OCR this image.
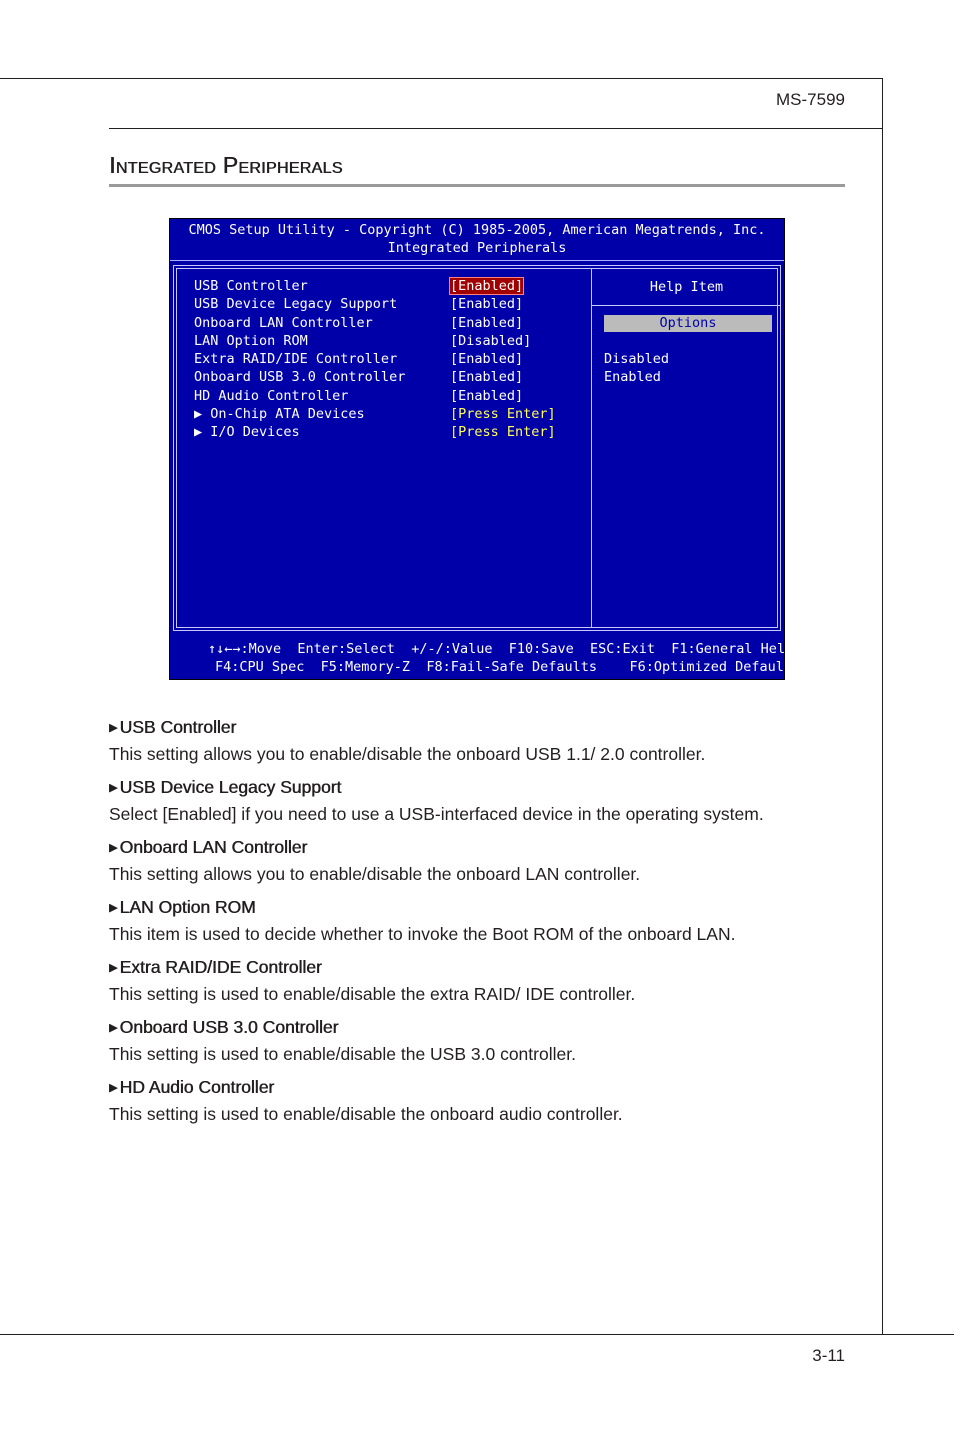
MS-7599
Integrated Peripherals
CMOS Setup Utility - Copyright (C) 1985-2005, American Megatrends, Inc.
Integrated Peripherals
USB Controller	[Enabled]
USB Device Legacy Support	[Enabled]
Onboard LAN Controller	[Enabled]
LAN Option ROM	[Disabled]
Extra RAID/IDE Controller	[Enabled]
Onboard USB 3.0 Controller	[Enabled]
HD Audio Controller	[Enabled]
▶ On-Chip ATA Devices	[Press Enter]
▶ I/O Devices	[Press Enter]
Help Item
Options
Disabled
Enabled
↑↓←→:Move  Enter:Select  +/-/:Value  F10:Save  ESC:Exit  F1:General Help
F4:CPU Spec  F5:Memory-Z  F8:Fail-Safe Defaults    F6:Optimized Defaults
▶ USB Controller
This setting allows you to enable/disable the onboard USB 1.1/ 2.0 controller.
▶ USB Device Legacy Support
Select [Enabled] if you need to use a USB-interfaced device in the operating system.
▶ Onboard LAN Controller
This setting allows you to enable/disable the onboard LAN controller.
▶ LAN Option ROM
This item is used to decide whether to invoke the Boot ROM of the onboard LAN.
▶ Extra RAID/IDE Controller
This setting is used to enable/disable the extra RAID/ IDE controller.
▶ Onboard USB 3.0 Controller
This setting is used to enable/disable the USB 3.0 controller.
▶ HD Audio Controller
This setting is used to enable/disable the onboard audio controller.
3-11
